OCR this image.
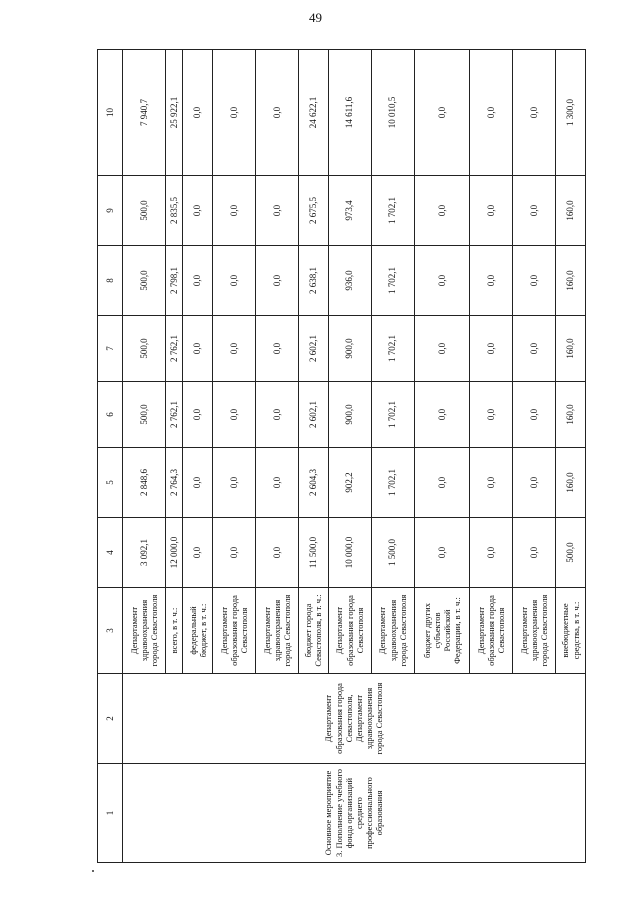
49
1	2	3	4	5	6	7	8	9	10
Основное мероприятие 3. Пополнение учебного фонда организаций среднего профессионального образования	Департамент образования города Севастополя, Департамент здравоохранения города Севастополя	Департамент здравоохранения города Севастополя	3 092,1	2 848,6	500,0	500,0	500,0	500,0	7 940,7
		всего, в т. ч.:	12 000,0	2 764,3	2 762,1	2 762,1	2 798,1	2 835,5	25 922,1
		федеральный бюджет, в т. ч.:	0,0	0,0	0,0	0,0	0,0	0,0	0,0
		Департамент образования города Севастополя	0,0	0,0	0,0	0,0	0,0	0,0	0,0
		Департамент здравоохранения города Севастополя	0,0	0,0	0,0	0,0	0,0	0,0	0,0
		бюджет города Севастополя, в т. ч.:	11 500,0	2 604,3	2 602,1	2 602,1	2 638,1	2 675,5	24 622,1
		Департамент образования города Севастополя	10 000,0	902,2	900,0	900,0	936,0	973,4	14 611,6
		Департамент здравоохранения города Севастополя	1 500,0	1 702,1	1 702,1	1 702,1	1 702,1	1 702,1	10 010,5
		бюджет других субъектов Российской Федерации, в т. ч.:	0,0	0,0	0,0	0,0	0,0	0,0	0,0
		Департамент образования города Севастополя	0,0	0,0	0,0	0,0	0,0	0,0	0,0
		Департамент здравоохранения города Севастополя	0,0	0,0	0,0	0,0	0,0	0,0	0,0
		внебюджетные средства, в т. ч.:	500,0	160,0	160,0	160,0	160,0	160,0	1 300,0
